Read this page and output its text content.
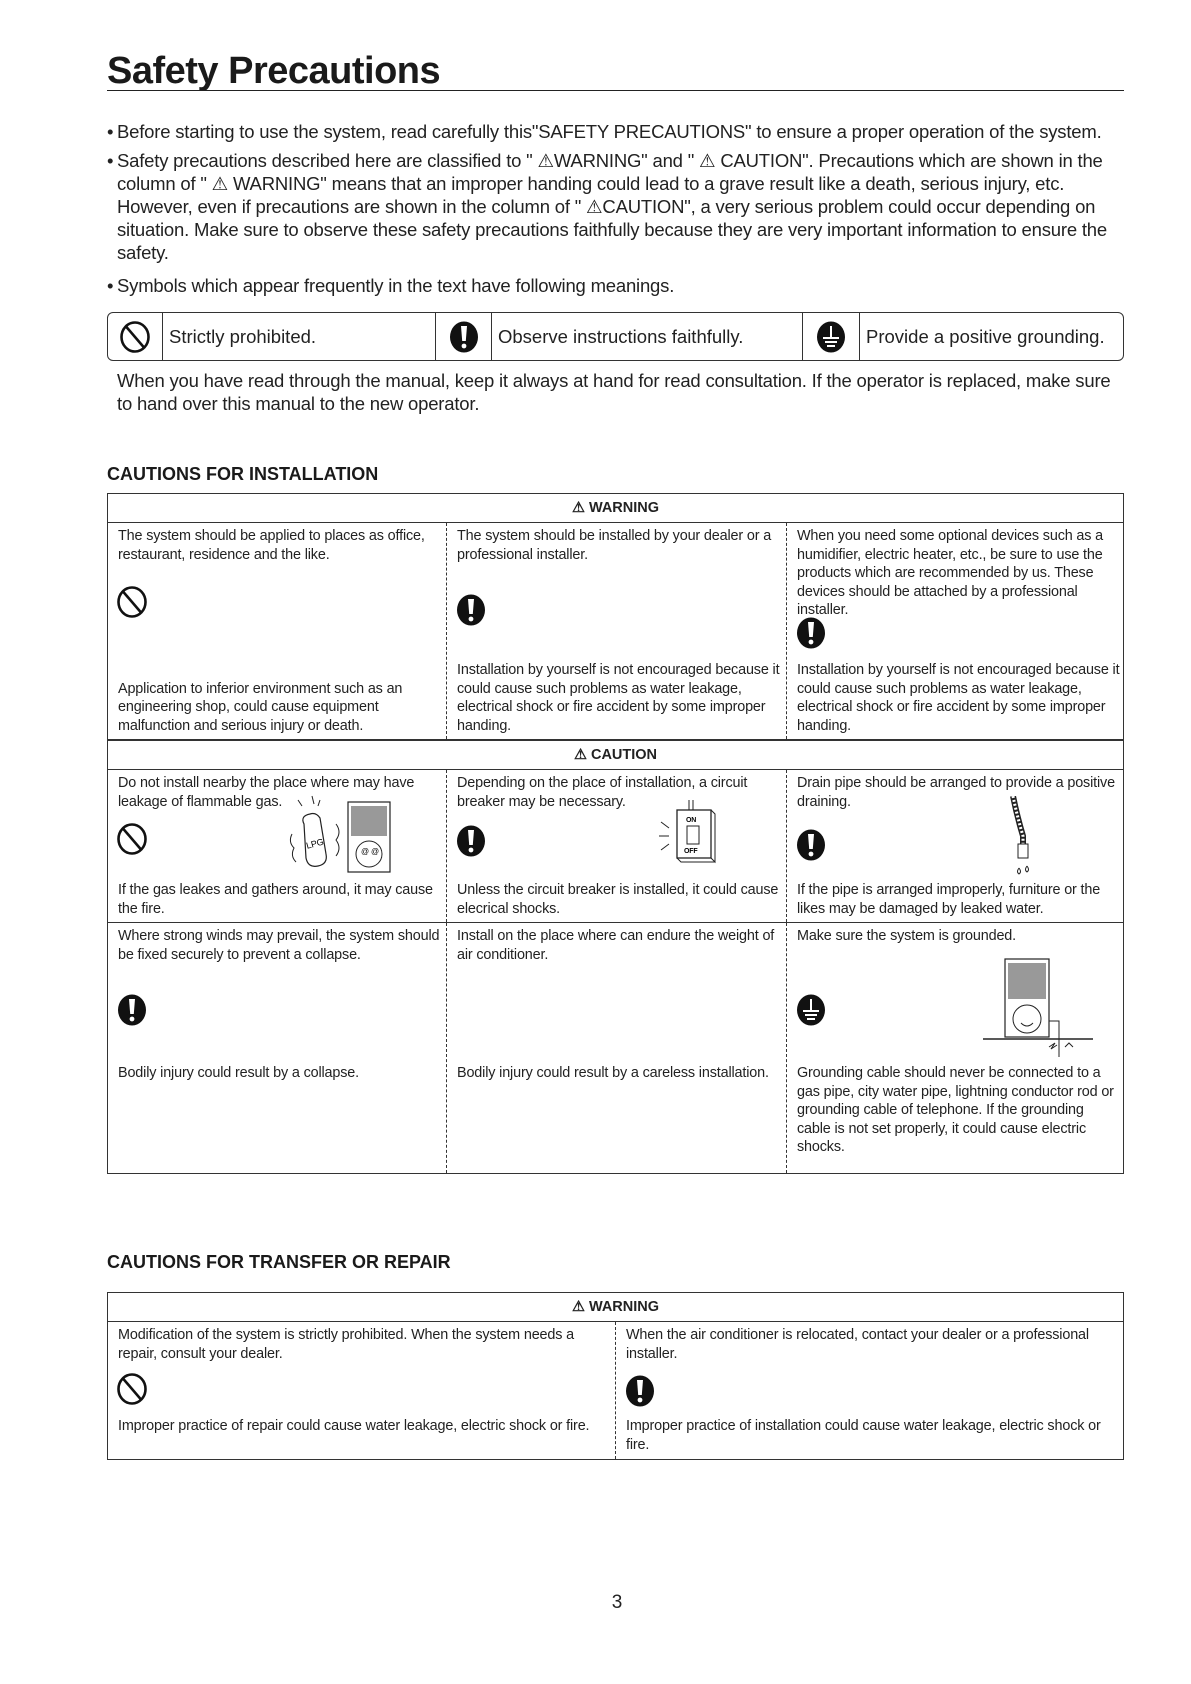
Safety Precautions
• Before starting to use the system, read carefully this"SAFETY PRECAUTIONS" to ensure a proper operation of the system.
• Safety precautions described here are classified to " ⚠WARNING" and " ⚠ CAUTION". Precautions which are shown in the column of " ⚠ WARNING" means that an improper handing could lead to a grave result like a death, serious injury, etc. However, even if precautions are shown in the column of " ⚠CAUTION", a very serious problem could occur depending on situation. Make sure to observe these safety precautions faithfully because they are very important information to ensure the safety.
• Symbols which appear frequently in the text have following meanings.
Strictly prohibited.	Observe instructions faithfully.	Provide a positive grounding.
When you have read through the manual, keep it always at hand for read consultation. If the operator is replaced, make sure to hand over this manual to the new operator.
CAUTIONS FOR INSTALLATION
⚠ WARNING
The system should be applied to places as office, restaurant, residence and the like.
Application to inferior environment such as an engineering shop, could cause equipment malfunction and serious injury or death.
The system should be installed by your dealer or a professional installer.
Installation by yourself is not encouraged because it could cause such problems as water leakage, electrical shock or fire accident by some improper handing.
When you need some optional devices such as a humidifier, electric heater, etc., be sure to use the products which are recommended by us. These devices should be attached by a professional installer.
Installation by yourself is not encouraged because it could cause such problems as water leakage, electrical shock or fire accident by some improper handing.
⚠ CAUTION
Do not install nearby the place where may have leakage of flammable gas.
LPG
@ @
If the gas leakes and gathers around, it may cause the fire.
Depending on the place of installation, a circuit breaker may be necessary.
ON
OFF
Unless the circuit breaker is installed, it could cause elecrical shocks.
Drain pipe should be arranged to provide a positive draining.
If the pipe is arranged improperly, furniture or the likes may be damaged by leaked water.
Where strong winds may prevail, the system should be fixed securely to prevent a collapse.
Bodily injury could result by a collapse.
Install on the place where can endure the weight of air conditioner.
Bodily injury could result by a careless installation.
Make sure the system is grounded.
Grounding cable should never be connected to a gas pipe, city water pipe, lightning conductor rod or grounding cable of telephone. If the grounding cable is not set properly, it could cause electric shocks.
CAUTIONS FOR TRANSFER OR REPAIR
⚠ WARNING
Modification of the system is strictly prohibited. When the system needs a repair, consult your dealer.
Improper practice of repair could cause water leakage, electric shock or fire.
When the air conditioner is relocated, contact your dealer or a professional installer.
Improper practice of installation could cause water leakage, electric shock or fire.
3
